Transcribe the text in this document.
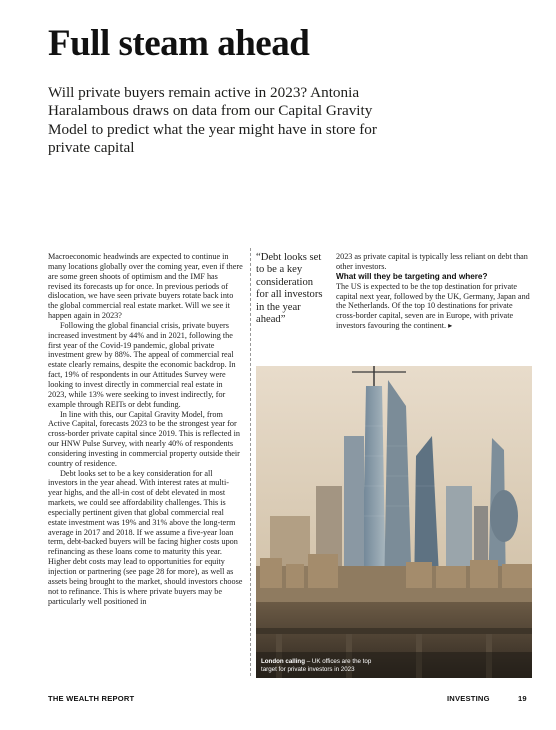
Full steam ahead

Will private buyers remain active in 2023? Antonia Haralambous draws on data from our Capital Gravity Model to predict what the year might have in store for private capital

Macroeconomic headwinds are expected to continue in many locations globally over the coming year, even if there are some green shoots of optimism and the IMF has revised its forecasts up for once. In previous periods of dislocation, we have seen private buyers rotate back into the global commercial real estate market. Will we see it happen again in 2023?

Following the global financial crisis, private buyers increased investment by 44% and in 2021, following the first year of the Covid-19 pandemic, global private investment grew by 88%. The appeal of commercial real estate clearly remains, despite the economic backdrop. In fact, 19% of respondents in our Attitudes Survey were looking to invest directly in commercial real estate in 2023, while 13% were seeking to invest indirectly, for example through REITs or debt funding.

In line with this, our Capital Gravity Model, from Active Capital, forecasts 2023 to be the strongest year for cross-border private capital since 2019. This is reflected in our HNW Pulse Survey, with nearly 40% of respondents considering investing in commercial property outside their country of residence.

Debt looks set to be a key consideration for all investors in the year ahead. With interest rates at multi-year highs, and the all-in cost of debt elevated in most markets, we could see affordability challenges. This is especially pertinent given that global commercial real estate investment was 19% and 31% above the long-term average in 2017 and 2018. If we assume a five-year loan term, debt-backed buyers will be facing higher costs upon refinancing as these loans come to maturity this year. Higher debt costs may lead to opportunities for equity injection or partnering (see page 28 for more), as well as assets being brought to the market, should investors choose not to refinance. This is where private buyers may be particularly well positioned in

“Debt looks set to be a key consideration for all investors in the year ahead”

2023 as private capital is typically less reliant on debt than other investors.

What will they be targeting and where?

The US is expected to be the top destination for private capital next year, followed by the UK, Germany, Japan and the Netherlands. Of the top 10 destinations for private cross-border capital, seven are in Europe, with private investors favouring the continent. ▸

London calling – UK offices are the top target for private investors in 2023
THE WEALTH REPORT	INVESTING	19
